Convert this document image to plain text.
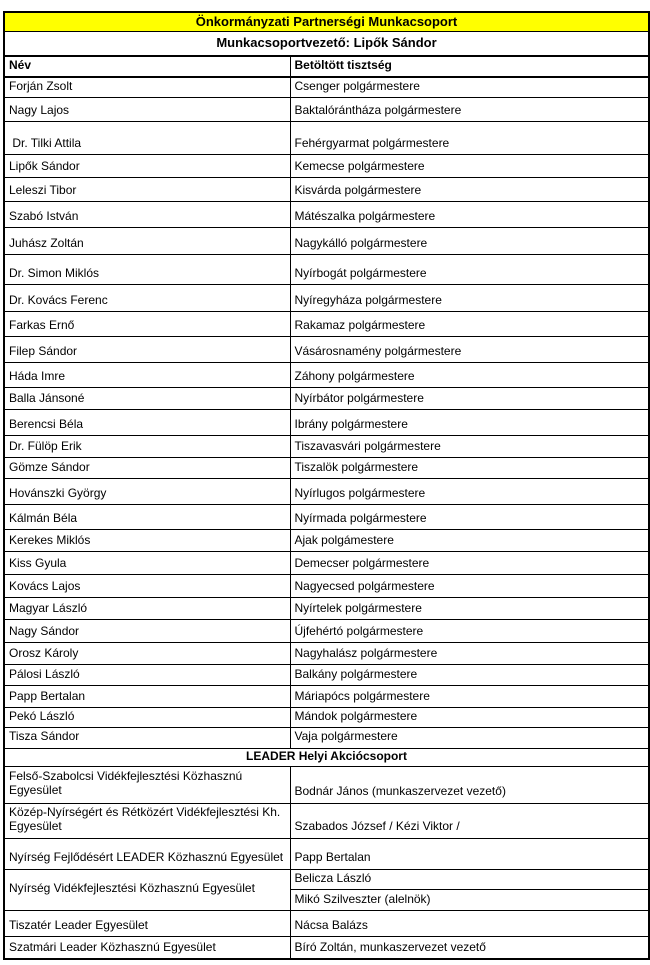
Önkormányzati Partnerségi Munkacsoport	
Munkacsoportvezető: Lipők Sándor	
Név	Betöltött tisztség
Forján Zsolt	Csenger polgármestere
Nagy Lajos	Baktalórántháza polgármestere
Dr. Tilki Attila	Fehérgyarmat polgármestere
Lipők Sándor	Kemecse polgármestere
Leleszi Tibor	Kisvárda polgármestere
Szabó István	Mátészalka polgármestere
Juhász Zoltán	Nagykálló polgármestere
Dr. Simon Miklós	Nyírbogát polgármestere
Dr. Kovács Ferenc	Nyíregyháza polgármestere
Farkas Ernő	Rakamaz polgármestere
Filep Sándor	Vásárosnamény polgármestere
Háda Imre	Záhony polgármestere
Balla Jánsoné	Nyírbátor polgármestere
Berencsi Béla	Ibrány polgármestere
Dr. Fülöp Erik	Tiszavasvári polgármestere
Gömze Sándor	Tiszalök polgármestere
Hovánszki György	Nyírlugos polgármestere
Kálmán Béla	Nyírmada polgármestere
Kerekes Miklós	Ajak polgámestere
Kiss Gyula	Demecser polgármestere
Kovács Lajos	Nagyecsed polgármestere
Magyar László	Nyírtelek polgármestere
Nagy Sándor	Újfehértó polgármestere
Orosz Károly	Nagyhalász polgármestere
Pálosi László	Balkány polgármestere
Papp Bertalan	Máriapócs polgármestere
Pekó László	Mándok polgármestere
Tisza Sándor	Vaja polgármestere
LEADER Helyi Akciócsoport	
Felső-Szabolcsi Vidékfejlesztési Közhasznú Egyesület	Bodnár János (munkaszervezet vezető)
Közép-Nyírségért és Rétközért Vidékfejlesztési Kh. Egyesület	Szabados József / Kézi Viktor /
Nyírség Fejlődésért LEADER Közhasznú Egyesület	Papp Bertalan
Nyírség Vidékfejlesztési Közhasznú Egyesület	Belicza László
	Mikó Szilveszter (alelnök)
Tiszatér Leader Egyesület	Nácsa Balázs
Szatmári Leader Közhasznú Egyesület	Bíró Zoltán, munkaszervezet vezető
